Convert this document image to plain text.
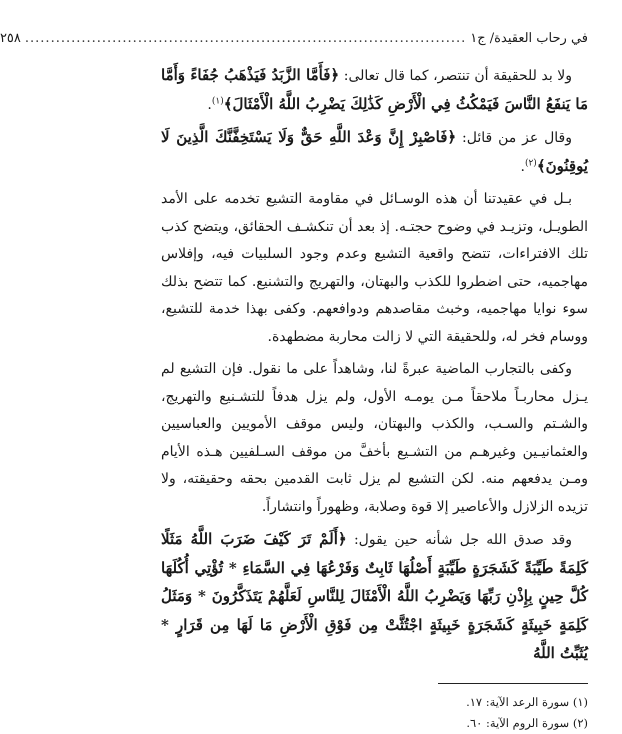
في رحاب العقيدة/ ج١
......................................................................................
٢٥٨

ولا بد للحقيقة أن تنتصر، كما قال تعالى: ﴿فَأَمَّا الزَّبَدُ فَيَذْهَبُ جُفَاءً وَأَمَّا مَا يَنفَعُ النَّاسَ فَيَمْكُثُ فِي الْأَرْضِ كَذَٰلِكَ يَضْرِبُ اللَّهُ الْأَمْثَالَ﴾$^{(١)}$.

وقال عز من قائل: ﴿فَاصْبِرْ إِنَّ وَعْدَ اللَّهِ حَقٌّ وَلَا يَسْتَخِفَّنَّكَ الَّذِينَ لَا يُوقِنُونَ﴾$^{(٢)}$.

بـل في عقيدتنا أن هذه الوسـائل في مقاومة التشيع تخدمه على الأمد الطويـل، وتزيـد في وضوح حجتـه. إذ بعد أن تنكشـف الحقائق، ويتضح كذب تلك الافتراءات، تتضح واقعية التشيع وعدم وجود السلبيات فيه، وإفلاس مهاجميه، حتى اضطروا للكذب والبهتان، والتهريج والتشنيع. كما تتضح بذلك سوء نوايا مهاجميه، وخبث مقاصدهم ودوافعهم. وكفى بهذا خدمة للتشيع، ووسام فخر له، وللحقيقة التي لا زالت محاربة مضطهدة.

وكفى بالتجارب الماضية عبرةً لنا، وشاهداً على ما نقول. فإن التشيع لم يـزل محاربـاً ملاحقاً مـن يومـه الأول، ولم يزل هدفاً للتشـنيع والتهريج، والشـتم والسـب، والكذب والبهتان، وليس موقف الأمويين والعباسيين والعثمانيـين وغيرهـم من التشـيع بأخفَّ من موقف السـلفيين هـذه الأيام ومـن يدفعهم منه. لكن التشيع لم يزل ثابت القدمين بحقه وحقيقته، ولا تزيده الزلازل والأعاصير إلا قوة وصلابة، وظهوراً وانتشاراً.

وقد صدق الله جل شأنه حين يقول: ﴿أَلَمْ تَرَ كَيْفَ ضَرَبَ اللَّهُ مَثَلًا كَلِمَةً طَيِّبَةً كَشَجَرَةٍ طَيِّبَةٍ أَصْلُهَا ثَابِتٌ وَفَرْعُهَا فِي السَّمَاءِ * تُؤْتِي أُكُلَهَا كُلَّ حِينٍ بِإِذْنِ رَبِّهَا وَيَضْرِبُ اللَّهُ الْأَمْثَالَ لِلنَّاسِ لَعَلَّهُمْ يَتَذَكَّرُونَ * وَمَثَلُ كَلِمَةٍ خَبِيثَةٍ كَشَجَرَةٍ خَبِيثَةٍ اجْتُثَّتْ مِن فَوْقِ الْأَرْضِ مَا لَهَا مِن قَرَارٍ * يُثَبِّتُ اللَّهُ

(١) سورة الرعد الآية: ١٧.

(٢) سورة الروم الآية: ٦٠.
